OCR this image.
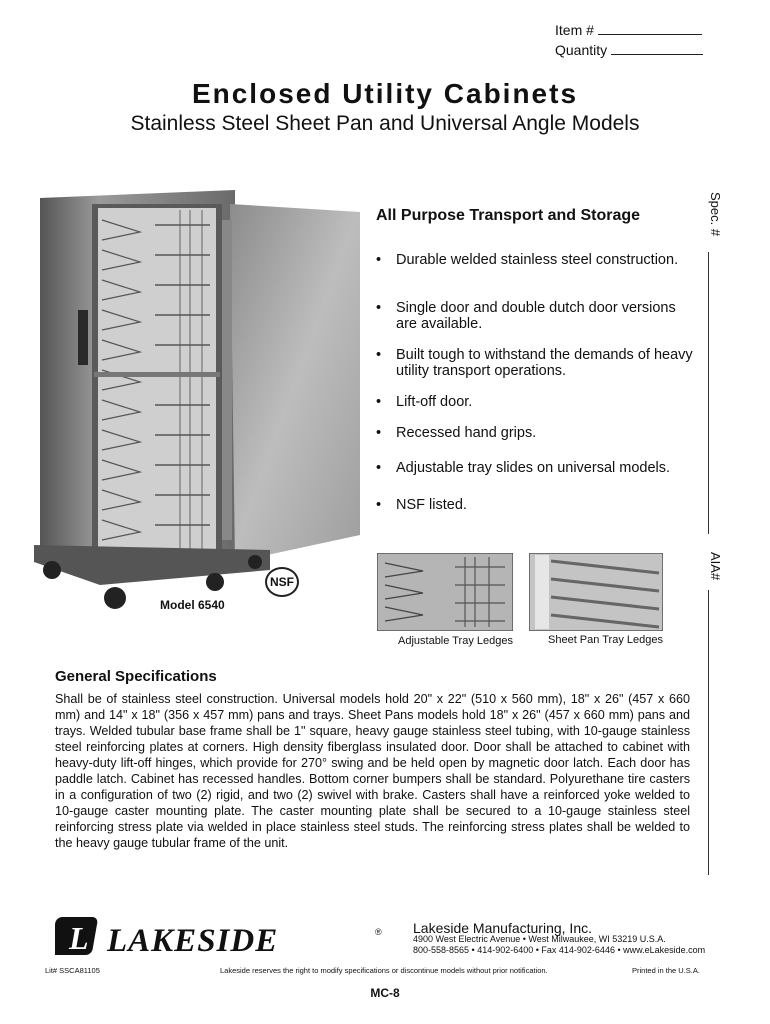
Item #
Quantity
Enclosed Utility Cabinets
Stainless Steel Sheet Pan and Universal Angle Models
Spec. #
AIA#
NSF
Model 6540
All Purpose Transport and Storage
• Durable welded stainless steel construction.
• Single door and double dutch door versions are available.
• Built tough to withstand the demands of heavy utility transport operations.
• Lift-off door.
• Recessed hand grips.
• Adjustable tray slides on universal models.
• NSF listed.
Adjustable Tray Ledges	Sheet Pan Tray Ledges
General Specifications
Shall be of stainless steel construction. Universal models hold 20" x 22" (510 x 560 mm), 18" x 26" (457 x 660 mm) and 14" x 18" (356 x 457 mm) pans and trays. Sheet Pans models hold 18" x 26" (457 x 660 mm) pans and trays. Welded tubular base frame shall be 1" square, heavy gauge stainless steel tubing, with 10-gauge stainless steel reinforcing plates at corners. High density fiberglass insulated door. Door shall be attached to cabinet with heavy-duty lift-off hinges, which provide for 270° swing and be held open by magnetic door latch. Each door has paddle latch. Cabinet has recessed handles. Bottom corner bumpers shall be standard. Polyurethane tire casters in a configuration of two (2) rigid, and two (2) swivel with brake. Casters shall have a reinforced yoke welded to 10-gauge caster mounting plate. The caster mounting plate shall be secured to a 10-gauge stainless steel reinforcing stress plate via welded in place stainless steel studs. The reinforcing stress plates shall be welded to the heavy gauge tubular frame of the unit.
L LAKESIDE	® Lakeside Manufacturing, Inc.
4900 West Electric Avenue • West Milwaukee, WI 53219 U.S.A.
800-558-8565 • 414-902-6400 • Fax 414-902-6446 • www.eLakeside.com
Lit# SSCA81105	Lakeside reserves the right to modify specifications or discontinue models without prior notification.	Printed in the U.S.A.
MC-8
